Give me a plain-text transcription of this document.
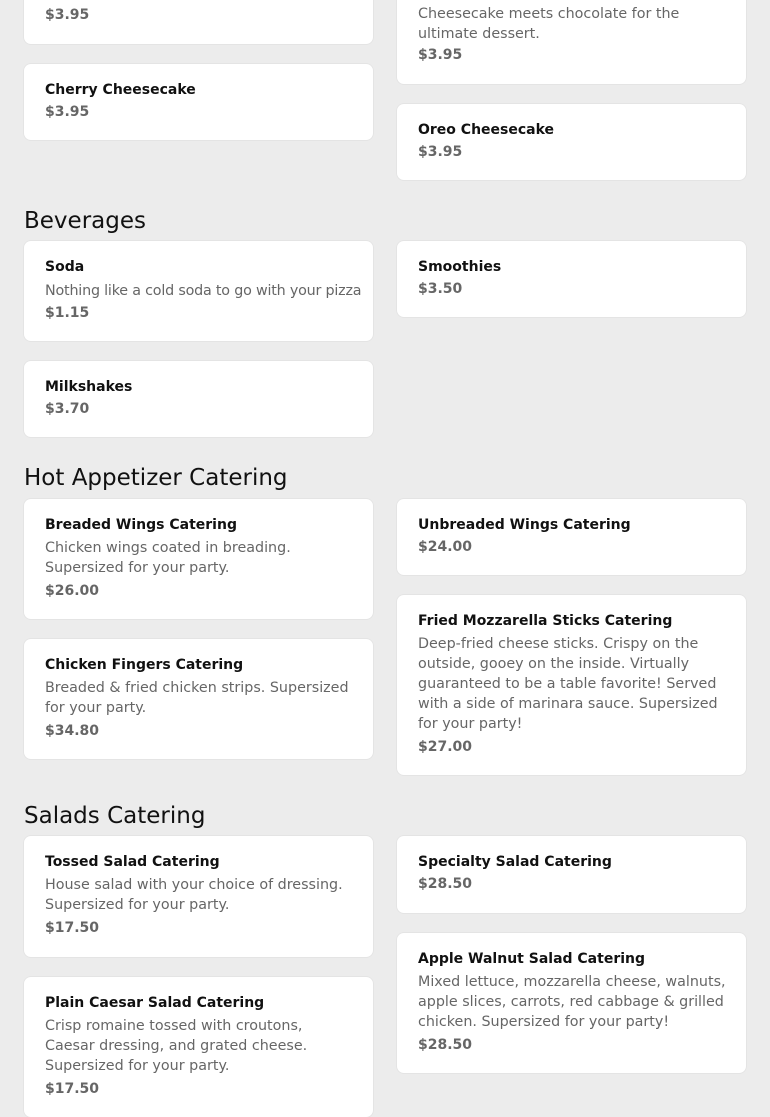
$3.95	Cheesecake meets chocolate for the ultimate dessert.
$3.95
Cherry Cheesecake
$3.95
Oreo Cheesecake
$3.95
Beverages
Soda
Nothing like a cold soda to go with your pizza
$1.15
Smoothies
$3.50
Milkshakes
$3.70
Hot Appetizer Catering
Breaded Wings Catering
Chicken wings coated in breading. Supersized for your party.
$26.00
Unbreaded Wings Catering
$24.00
Chicken Fingers Catering
Breaded & fried chicken strips. Supersized for your party.
$34.80
Fried Mozzarella Sticks Catering
Deep-fried cheese sticks. Crispy on the outside, gooey on the inside. Virtually guaranteed to be a table favorite! Served with a side of marinara sauce. Supersized for your party!
$27.00
Salads Catering
Tossed Salad Catering
House salad with your choice of dressing. Supersized for your party.
$17.50
Specialty Salad Catering
$28.50
Apple Walnut Salad Catering
Mixed lettuce, mozzarella cheese, walnuts, apple slices, carrots, red cabbage & grilled chicken. Supersized for your party!
$28.50
Plain Caesar Salad Catering
Crisp romaine tossed with croutons, Caesar dressing, and grated cheese. Supersized for your party.
$17.50
